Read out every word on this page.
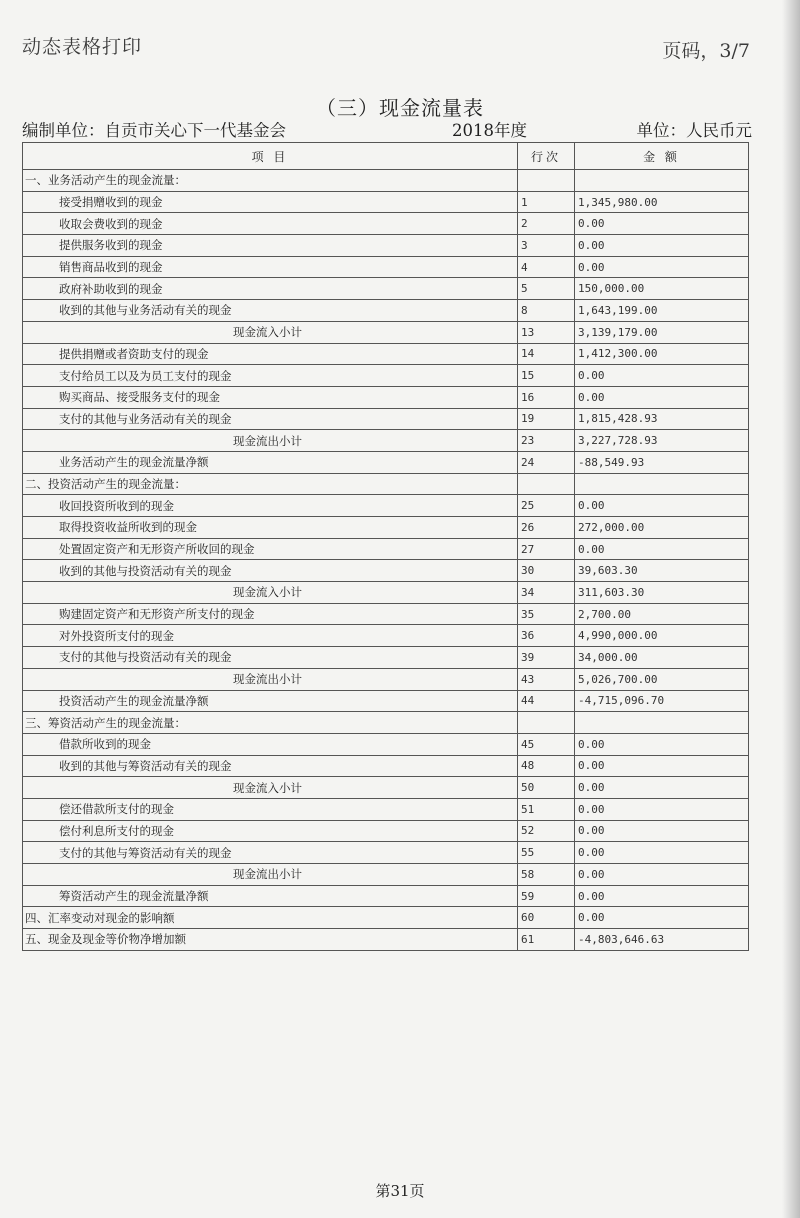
动态表格打印	页码，3/7
（三）现金流量表
编制单位：自贡市关心下一代基金会	2018年度	单位：人民币元
项 目	行次	金 额
一、业务活动产生的现金流量：		
接受捐赠收到的现金	1	1,345,980.00
收取会费收到的现金	2	0.00
提供服务收到的现金	3	0.00
销售商品收到的现金	4	0.00
政府补助收到的现金	5	150,000.00
收到的其他与业务活动有关的现金	8	1,643,199.00
现金流入小计	13	3,139,179.00
提供捐赠或者资助支付的现金	14	1,412,300.00
支付给员工以及为员工支付的现金	15	0.00
购买商品、接受服务支付的现金	16	0.00
支付的其他与业务活动有关的现金	19	1,815,428.93
现金流出小计	23	3,227,728.93
业务活动产生的现金流量净额	24	-88,549.93
二、投资活动产生的现金流量：		
收回投资所收到的现金	25	0.00
取得投资收益所收到的现金	26	272,000.00
处置固定资产和无形资产所收回的现金	27	0.00
收到的其他与投资活动有关的现金	30	39,603.30
现金流入小计	34	311,603.30
购建固定资产和无形资产所支付的现金	35	2,700.00
对外投资所支付的现金	36	4,990,000.00
支付的其他与投资活动有关的现金	39	34,000.00
现金流出小计	43	5,026,700.00
投资活动产生的现金流量净额	44	-4,715,096.70
三、筹资活动产生的现金流量：		
借款所收到的现金	45	0.00
收到的其他与筹资活动有关的现金	48	0.00
现金流入小计	50	0.00
偿还借款所支付的现金	51	0.00
偿付利息所支付的现金	52	0.00
支付的其他与筹资活动有关的现金	55	0.00
现金流出小计	58	0.00
筹资活动产生的现金流量净额	59	0.00
四、汇率变动对现金的影响额	60	0.00
五、现金及现金等价物净增加额	61	-4,803,646.63
第31页
